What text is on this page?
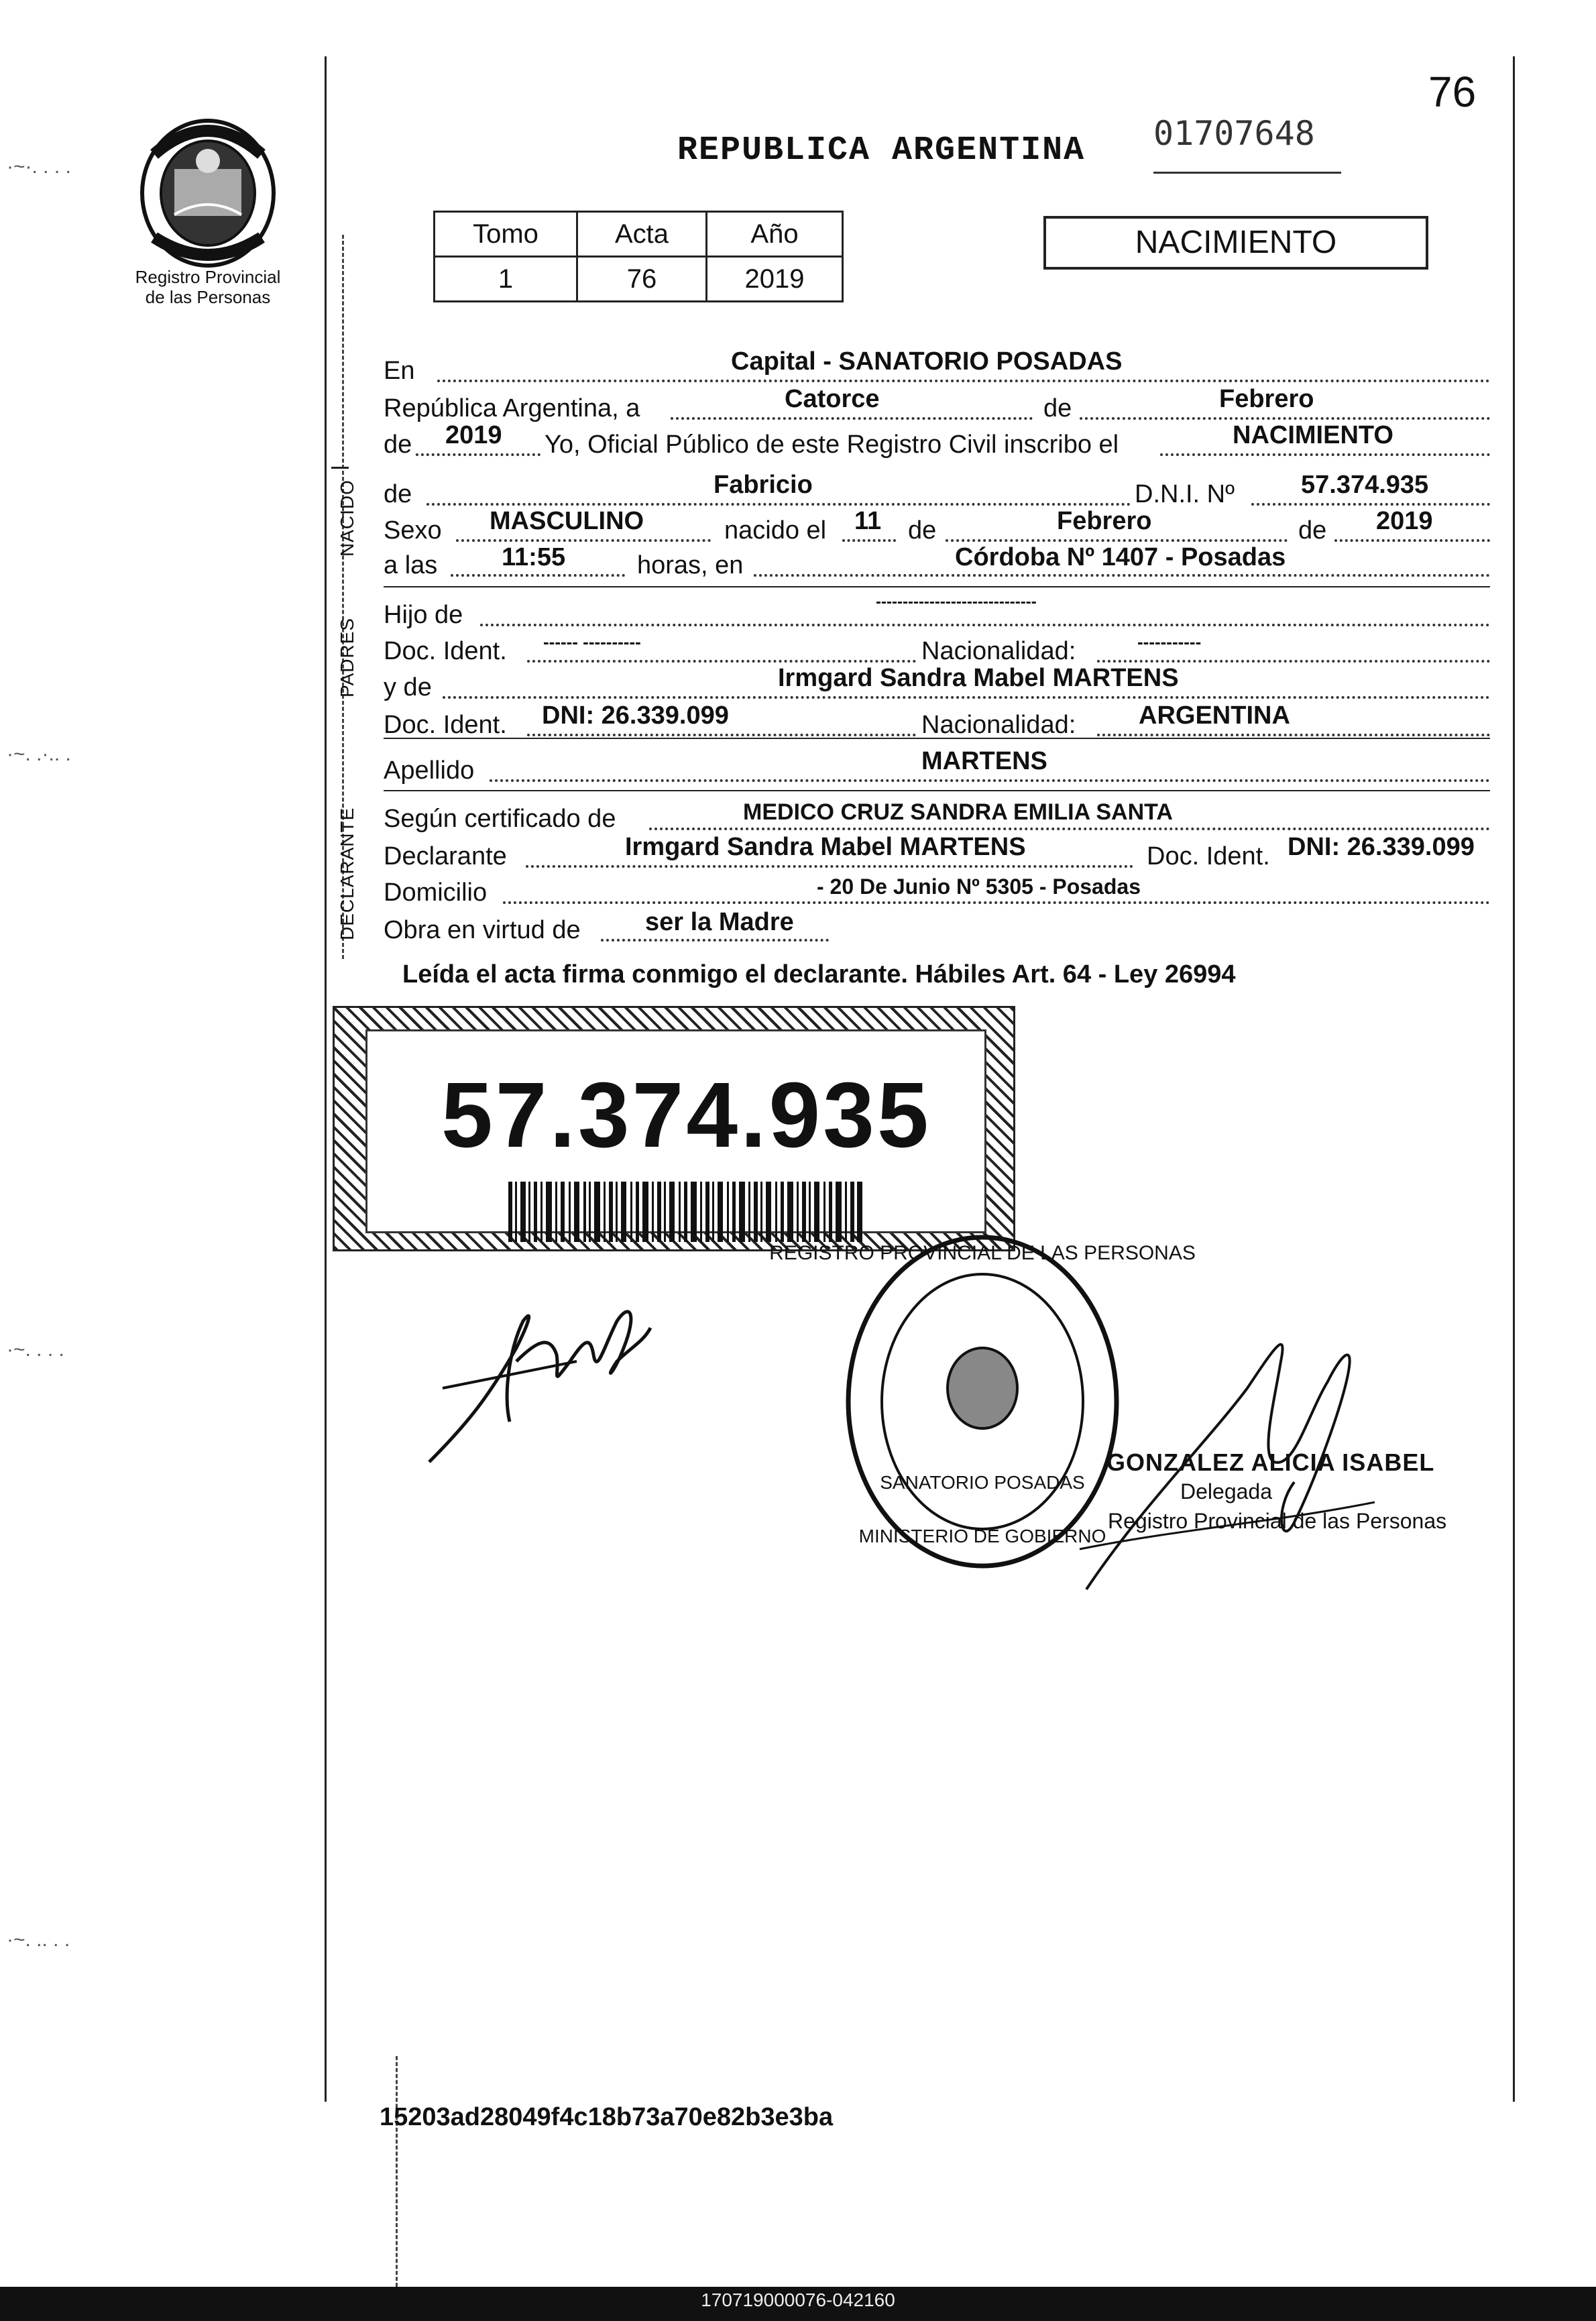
·~·. . . .
·~. .·.. .
·~. . . .
·~. .. . .
Registro Provincial
de las Personas
REPUBLICA ARGENTINA 01707648
76
Tomo	Acta	Año
1	76	2019
NACIMIENTO
NACIDO
PADRES
DECLARANTE
En	Capital - SANATORIO POSADAS
República Argentina, a	Catorce	de	Febrero
de 2019 Yo, Oficial Público de este Registro Civil inscribo el	NACIMIENTO
de	Fabricio	D.N.I. Nº	57.374.935
Sexo MASCULINO	nacido el 11 de	Febrero	de 2019
a las	11:55	horas, en	Córdoba Nº 1407 - Posadas
Hijo de	------------------------------
Doc. Ident. ------ ----------	Nacionalidad:	-----------
y de	Irmgard Sandra Mabel MARTENS
Doc. Ident. DNI: 26.339.099	Nacionalidad: ARGENTINA
Apellido	MARTENS
Según certificado de	MEDICO CRUZ SANDRA EMILIA SANTA
Declarante	Irmgard Sandra Mabel MARTENS	Doc. Ident. DNI: 26.339.099
Domicilio	- 20 De Junio Nº 5305 - Posadas
Obra en virtud de	ser la Madre
Leída el acta firma conmigo el declarante. Hábiles Art. 64 - Ley 26994
57.374.935
REGISTRO PROVINCIAL DE LAS PERSONAS
SANATORIO POSADAS
MINISTERIO DE GOBIERNO
GONZALEZ ALICIA ISABEL
Delegada
Registro Provincial de las Personas
15203ad28049f4c18b73a70e82b3e3ba
170719000076-042160
